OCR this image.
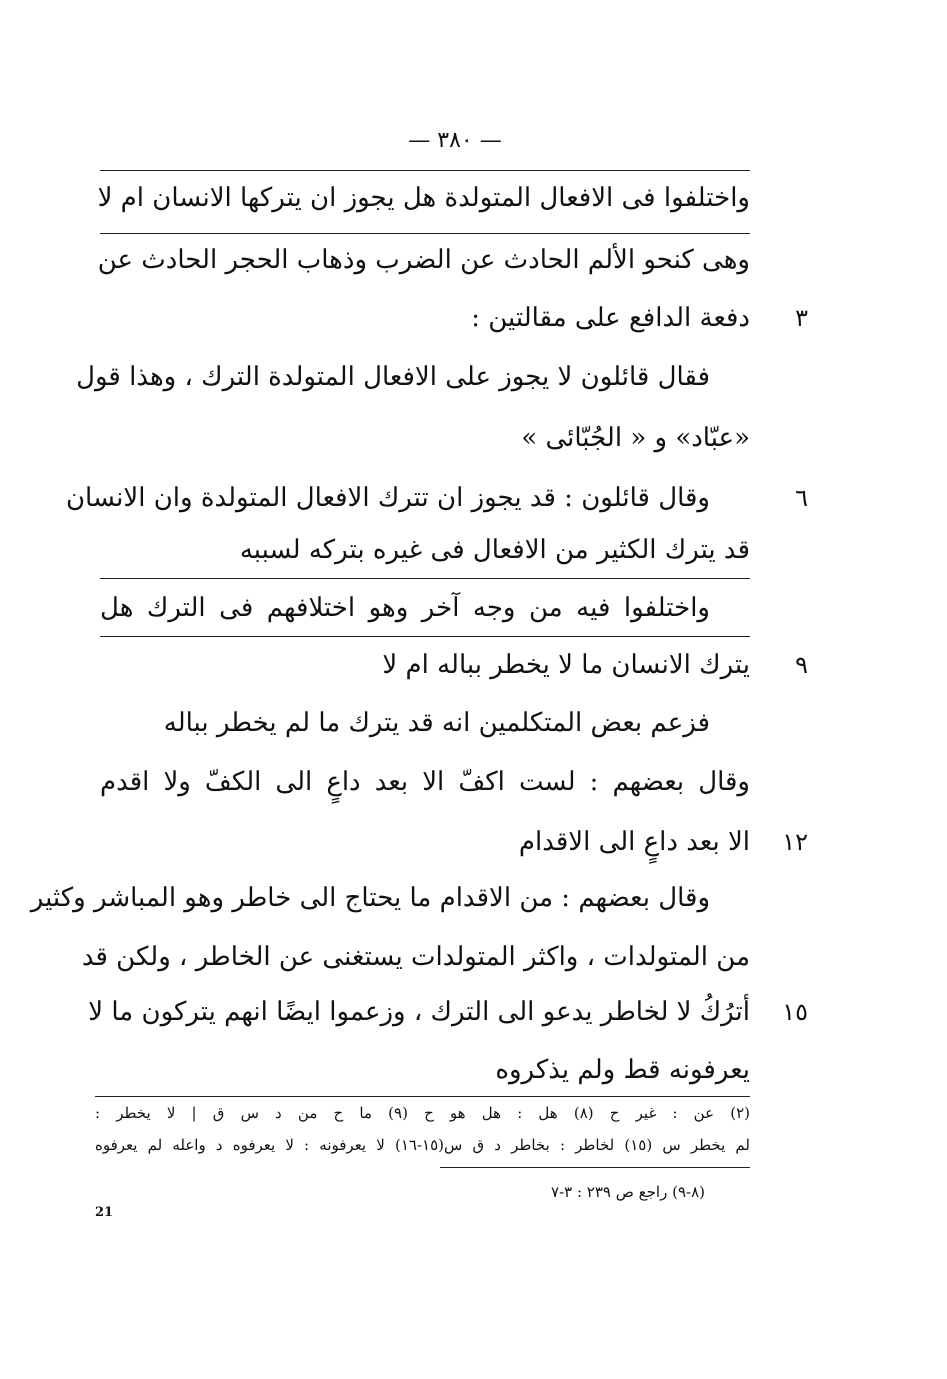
— ٣٨٠ —
واختلفوا فى الافعال المتولدة هل يجوز ان يتركها الانسان ام لا
وهى كنحو الألم الحادث عن الضرب وذهاب الحجر الحادث عن
٣
دفعة الدافع على مقالتين :
فقال قائلون لا يجوز على الافعال المتولدة الترك ، وهذا قول
«عبّاد» و « الجُبّائى »
٦
وقال قائلون : قد يجوز ان تترك الافعال المتولدة وان الانسان
قد يترك الكثير من الافعال فى غيره بتركه لسببه
واختلفوا فيه من وجه آخر وهو اختلافهم فى الترك هل
٩
يترك الانسان ما لا يخطر بباله ام لا
فزعم بعض المتكلمين انه قد يترك ما لم يخطر بباله
وقال بعضهم : لست اكفّ الا بعد داعٍ الى الكفّ ولا اقدم
١٢
الا بعد داعٍ الى الاقدام
وقال بعضهم : من الاقدام ما يحتاج الى خاطر وهو المباشر وكثير
من المتولدات ، واكثر المتولدات يستغنى عن الخاطر ، ولكن قد
١٥
أترُكُ لا لخاطر يدعو الى الترك ، وزعموا ايضًا انهم يتركون ما لا
يعرفونه قط ولم يذكروه
(٢) عن : غير ح (٨) هل : هل هو ح (٩) ما ح من د س ق | لا يخطر :
لم يخطر س (١٥) لخاطر : بخاطر د ق س(١٥-١٦) لا يعرفونه : لا يعرفوه د واعله لم يعرفوه
(٨-٩) راجع ص ٢٣٩ : ٣-٧
21
